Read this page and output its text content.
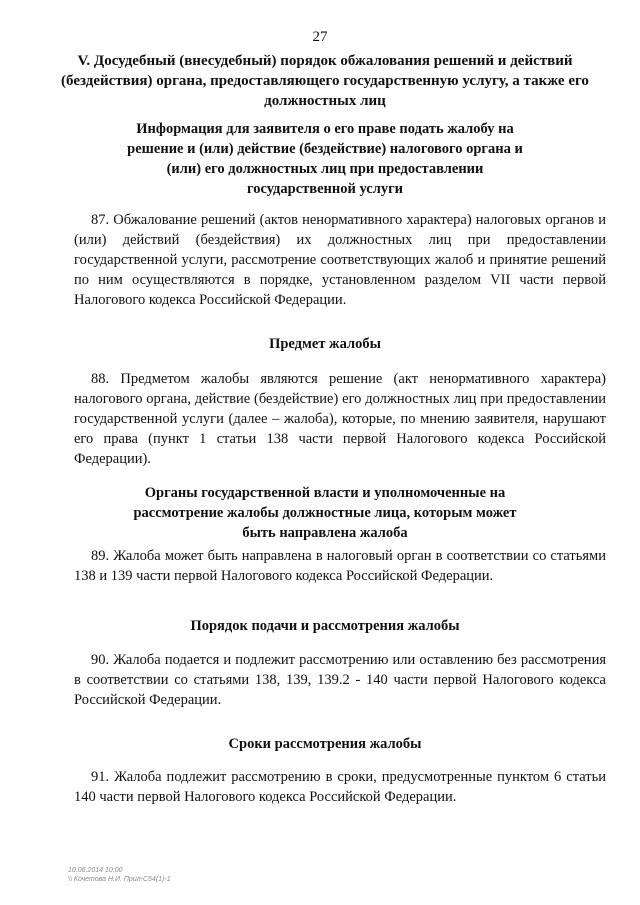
27
V. Досудебный (внесудебный) порядок обжалования решений и действий
(бездействия) органа, предоставляющего государственную услугу, а также его
должностных лиц
Информация для заявителя о его праве подать жалобу на
решение и (или) действие (бездействие) налогового органа и
(или) его должностных лиц при предоставлении
государственной услуги
87. Обжалование решений (актов ненормативного характера) налоговых органов и (или) действий (бездействия) их должностных лиц при предоставлении государственной услуги, рассмотрение соответствующих жалоб и принятие решений по ним осуществляются в порядке, установленном разделом VII части первой Налогового кодекса Российской Федерации.
Предмет жалобы
88. Предметом жалобы являются решение (акт ненормативного характера) налогового органа, действие (бездействие) его должностных лиц при предоставлении государственной услуги (далее – жалоба), которые, по мнению заявителя, нарушают его права (пункт 1 статьи 138 части первой Налогового кодекса Российской Федерации).
Органы государственной власти и уполномоченные на
рассмотрение жалобы должностные лица, которым может
быть направлена жалоба
89. Жалоба может быть направлена в налоговый орган в соответствии со статьями 138 и 139 части первой Налогового кодекса Российской Федерации.
Порядок подачи и рассмотрения жалобы
90. Жалоба подается и подлежит рассмотрению или оставлению без рассмотрения в соответствии со статьями 138, 139, 139.2 - 140 части первой Налогового кодекса Российской Федерации.
Сроки рассмотрения жалобы
91. Жалоба подлежит рассмотрению в сроки, предусмотренные пунктом 6 статьи 140 части первой Налогового кодекса Российской Федерации.
10.06.2014 10:00
\\ Кочетова Н.И. Прил-С54(1)-1
